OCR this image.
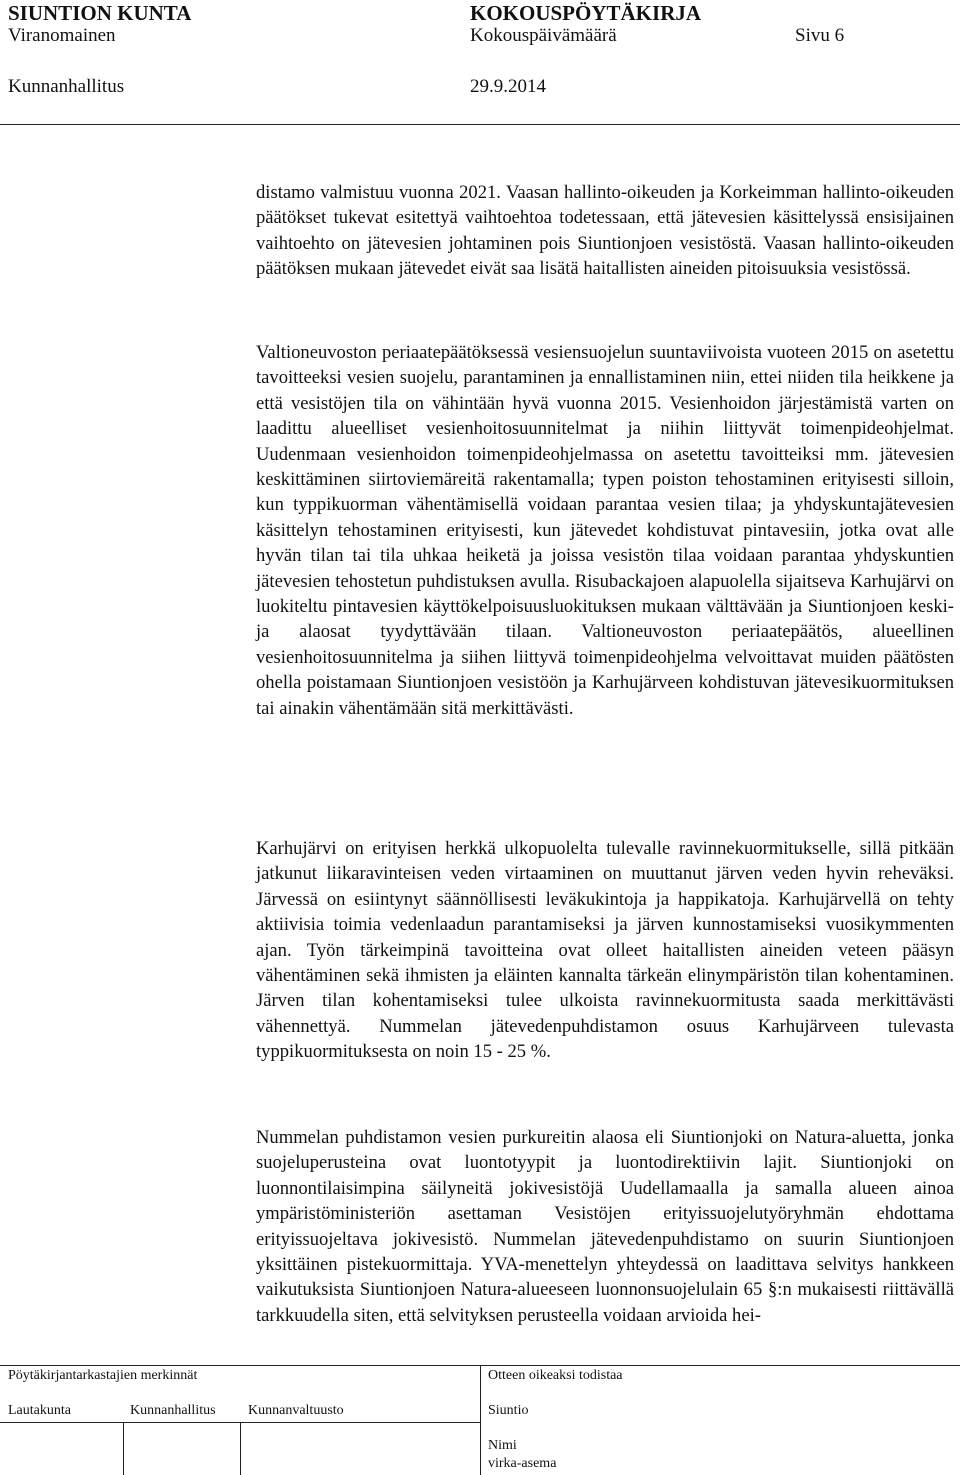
SIUNTION KUNTA	KOKOUSPÖYTÄKIRJA
Viranomainen	Kokouspäivämäärä	Sivu 6
Kunnanhallitus	29.9.2014

distamo valmistuu vuonna 2021. Vaasan hallinto-oikeuden ja Korkeimman hallinto-oikeuden päätökset tukevat esitettyä vaihtoehtoa todetessaan, että jätevesien käsittelyssä ensisijainen vaihtoehto on jätevesien johtaminen pois Siuntionjoen vesistöstä. Vaasan hallinto-oikeuden päätöksen mukaan jätevedet eivät saa lisätä haitallisten aineiden pitoisuuksia vesistössä.

Valtioneuvoston periaatepäätöksessä vesiensuojelun suuntaviivoista vuoteen 2015 on asetettu tavoitteeksi vesien suojelu, parantaminen ja ennallistaminen niin, ettei niiden tila heikkene ja että vesistöjen tila on vähintään hyvä vuonna 2015. Vesienhoidon järjestämistä varten on laadittu alueelliset vesienhoitosuunnitelmat ja niihin liittyvät toimenpideohjelmat. Uudenmaan vesienhoidon toimenpideohjelmassa on asetettu tavoitteiksi mm. jätevesien keskittäminen siirtoviemäreitä rakentamalla; typen poiston tehostaminen erityisesti silloin, kun typpikuorman vähentämisellä voidaan parantaa vesien tilaa; ja yhdyskuntajätevesien käsittelyn tehostaminen erityisesti, kun jätevedet kohdistuvat pintavesiin, jotka ovat alle hyvän tilan tai tila uhkaa heiketä ja joissa vesistön tilaa voidaan parantaa yhdyskuntien jätevesien tehostetun puhdistuksen avulla. Risubackajoen alapuolella sijaitseva Karhujärvi on luokiteltu pintavesien käyttökelpoisuusluokituksen mukaan välttävään ja Siuntionjoen keski- ja alaosat tyydyttävään tilaan. Valtioneuvoston periaatepäätös, alueellinen vesienhoitosuunnitelma ja siihen liittyvä toimenpideohjelma velvoittavat muiden päätösten ohella poistamaan Siuntionjoen vesistöön ja Karhujärveen kohdistuvan jätevesikuormituksen tai ainakin vähentämään sitä merkittävästi.

Karhujärvi on erityisen herkkä ulkopuolelta tulevalle ravinnekuormitukselle, sillä pitkään jatkunut liikaravinteisen veden virtaaminen on muuttanut järven veden hyvin reheväksi. Järvessä on esiintynyt säännöllisesti leväkukintoja ja happikatoja. Karhujärvellä on tehty aktiivisia toimia vedenlaadun parantamiseksi ja järven kunnostamiseksi vuosikymmenten ajan. Työn tärkeimpinä tavoitteina ovat olleet haitallisten aineiden veteen pääsyn vähentäminen sekä ihmisten ja eläinten kannalta tärkeän elinympäristön tilan kohentaminen. Järven tilan kohentamiseksi tulee ulkoista ravinnekuormitusta saada merkittävästi vähennettyä. Nummelan jätevedenpuhdistamon osuus Karhujärveen tulevasta typpikuormituksesta on noin 15 - 25 %.

Nummelan puhdistamon vesien purkureitin alaosa eli Siuntionjoki on Natura-aluetta, jonka suojeluperusteina ovat luontotyypit ja luontodirektiivin lajit. Siuntionjoki on luonnontilaisimpina säilyneitä jokivesistöjä Uudellamaalla ja samalla alueen ainoa ympäristöministeriön asettaman Vesistöjen erityissuojelutyöryhmän ehdottama erityissuojeltava jokivesistö. Nummelan jätevedenpuhdistamo on suurin Siuntionjoen yksittäinen pistekuormittaja. YVA-menettelyn yhteydessä on laadittava selvitys hankkeen vaikutuksista Siuntionjoen Natura-alueeseen luonnonsuojelulain 65 §:n mukaisesti riittävällä tarkkuudella siten, että selvityksen perusteella voidaan arvioida hei-

Pöytäkirjantarkastajien merkinnät	Otteen oikeaksi todistaa
Lautakunta	Kunnanhallitus Kunnanvaltuusto	Siuntio
Nimi
virka-asema
